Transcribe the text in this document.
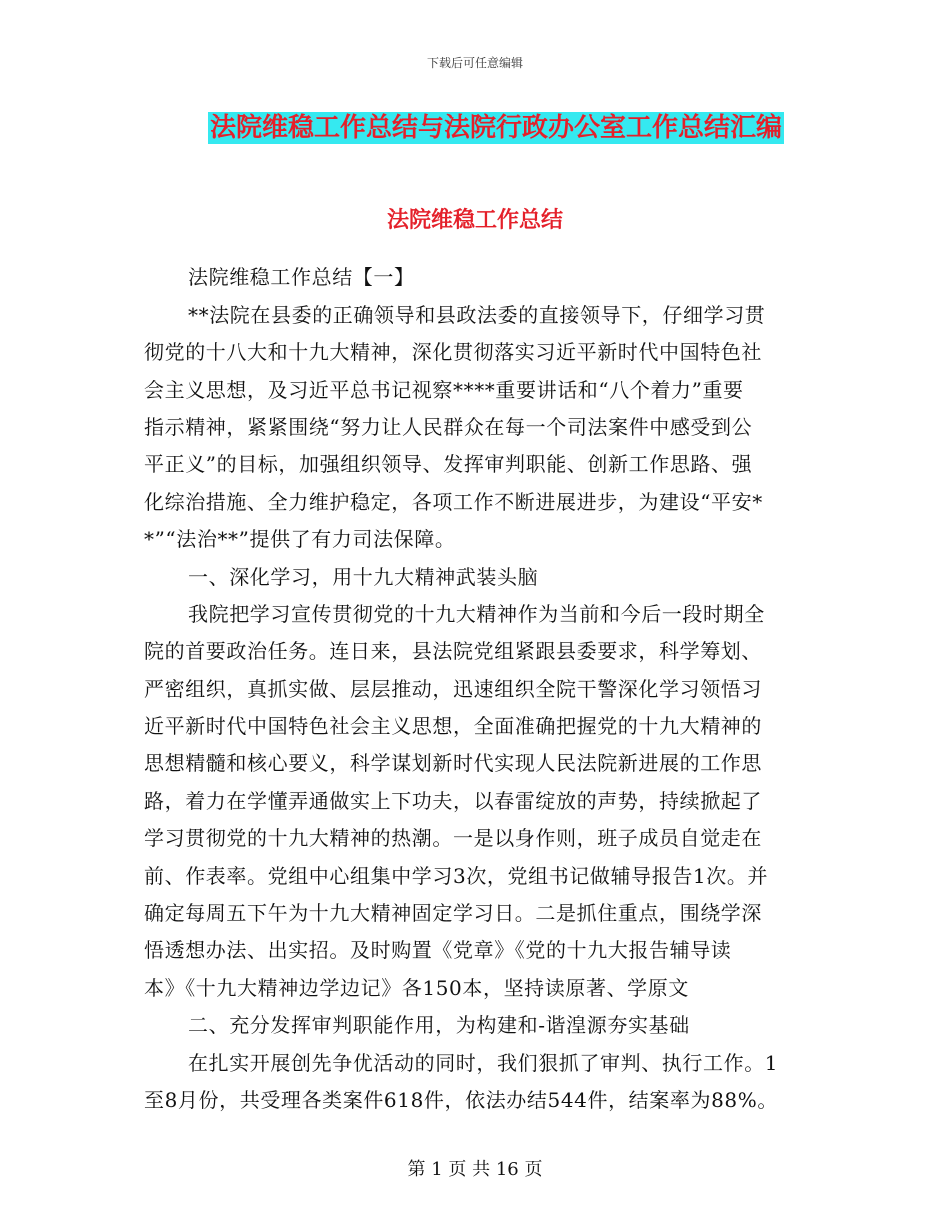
下载后可任意编辑
法院维稳工作总结与法院行政办公室工作总结汇编
法院维稳工作总结
法院维稳工作总结【一】
**法院在县委的正确领导和县政法委的直接领导下，仔细学习贯
彻党的十八大和十九大精神，深化贯彻落实习近平新时代中国特色社
会主义思想，及习近平总书记视察****重要讲话和“八个着力”重要
指示精神，紧紧围绕“努力让人民群众在每一个司法案件中感受到公
平正义”的目标，加强组织领导、发挥审判职能、创新工作思路、强
化综治措施、全力维护稳定，各项工作不断进展进步，为建设“平安*
*”“法治**”提供了有力司法保障。
一、深化学习，用十九大精神武装头脑
我院把学习宣传贯彻党的十九大精神作为当前和今后一段时期全
院的首要政治任务。连日来，县法院党组紧跟县委要求，科学筹划、
严密组织，真抓实做、层层推动，迅速组织全院干警深化学习领悟习
近平新时代中国特色社会主义思想，全面准确把握党的十九大精神的
思想精髓和核心要义，科学谋划新时代实现人民法院新进展的工作思
路，着力在学懂弄通做实上下功夫，以春雷绽放的声势，持续掀起了
学习贯彻党的十九大精神的热潮。一是以身作则，班子成员自觉走在
前、作表率。党组中心组集中学习3次，党组书记做辅导报告1次。并
确定每周五下午为十九大精神固定学习日。二是抓住重点，围绕学深
悟透想办法、出实招。及时购置《党章》《党的十九大报告辅导读
本》《十九大精神边学边记》各150本，坚持读原著、学原文
二、充分发挥审判职能作用，为构建和-谐湟源夯实基础
在扎实开展创先争优活动的同时，我们狠抓了审判、执行工作。1
至8月份，共受理各类案件618件，依法办结544件，结案率为88%。
第 1 页 共 16 页
